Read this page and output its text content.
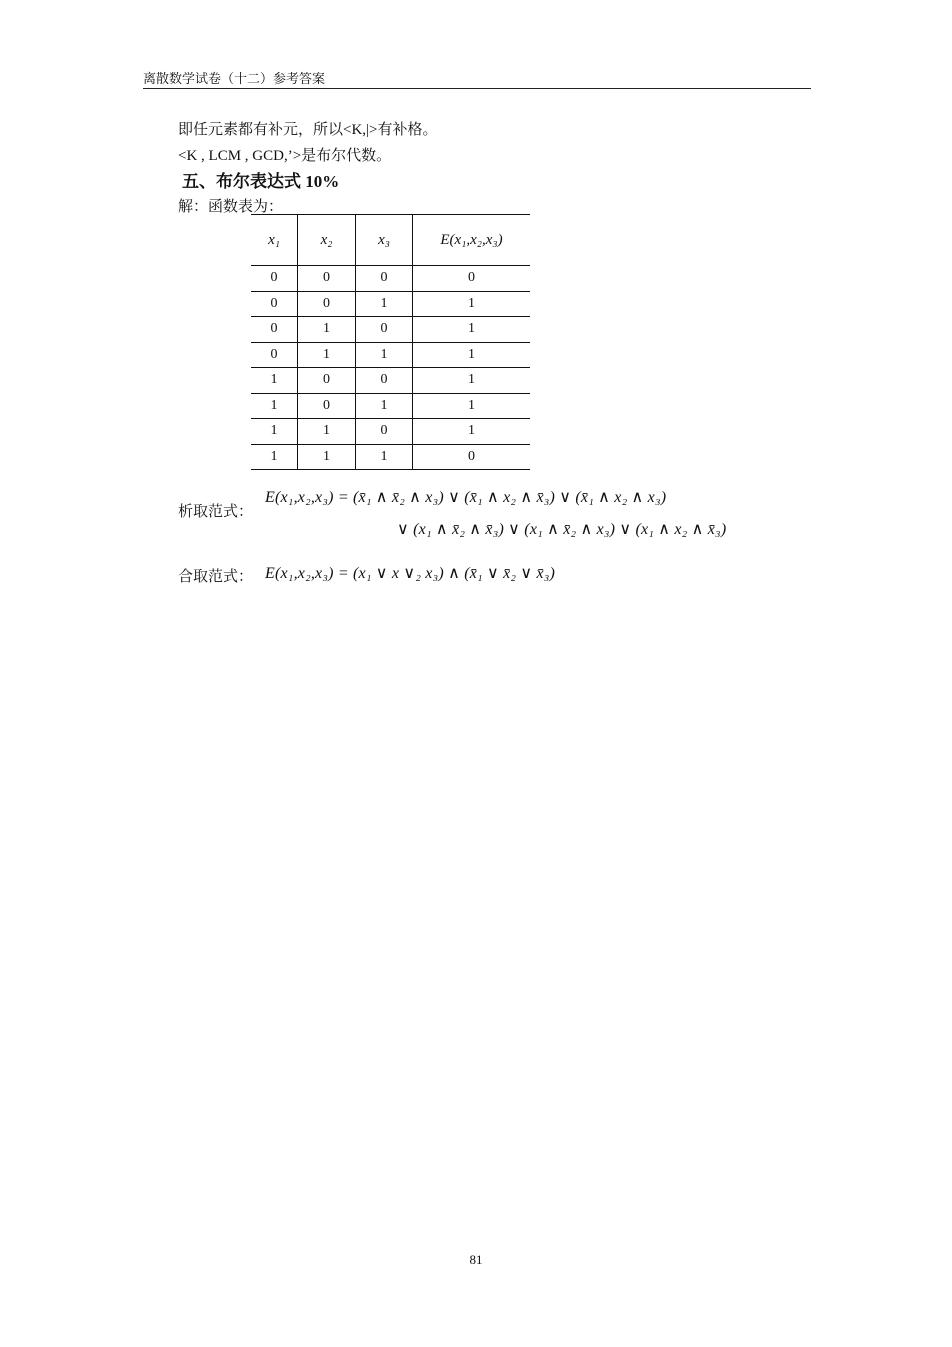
离散数学试卷（十二）参考答案
即任元素都有补元，所以<K,|>有补格。
<K , LCM , GCD,’>是布尔代数。
五、布尔表达式 10%
解：函数表为：
x₁	x₂	x₃	E(x₁,x₂,x₃)
0	0	0	0
0	0	1	1
0	1	0	1
0	1	1	1
1	0	0	1
1	0	1	1
1	1	0	1
1	1	1	0
析取范式：
E(x₁,x₂,x₃) = (x̄₁ ∧ x̄₂ ∧ x₃) ∨ (x̄₁ ∧ x₂ ∧ x̄₃) ∨ (x̄₁ ∧ x₂ ∧ x₃)
∨ (x₁ ∧ x̄₂ ∧ x̄₃) ∨ (x₁ ∧ x̄₂ ∧ x₃) ∨ (x₁ ∧ x₂ ∧ x̄₃)
合取范式： E(x₁,x₂,x₃) = (x₁ ∨ x ∨₂ x₃) ∧ (x̄₁ ∨ x̄₂ ∨ x̄₃)
81
